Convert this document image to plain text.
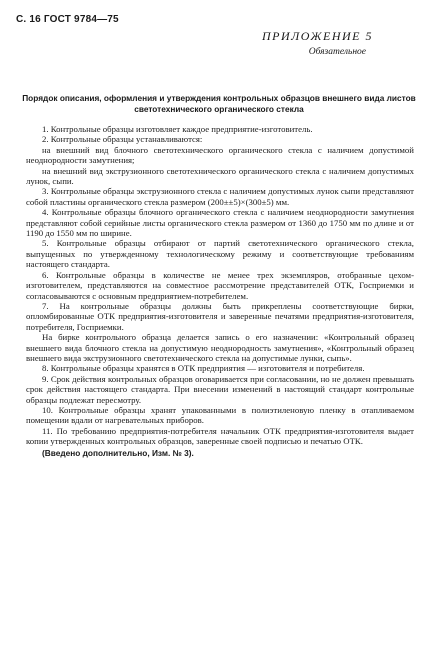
С. 16 ГОСТ 9784—75
ПРИЛОЖЕНИЕ 5
Обязательное
Порядок описания, оформления и утверждения контрольных образцов внешнего вида листов светотехнического органического стекла

1. Контрольные образцы изготовляет каждое предприятие-изготовитель.

2. Контрольные образцы устанавливаются:

на внешний вид блочного светотехнического органического стекла с наличием допустимой неоднородности замутнения;

на внешний вид экструзионного светотехнического органического стекла с наличием допустимых лунок, сыпи.

3. Контрольные образцы экструзионного стекла с наличием допустимых лунок сыпи представляют собой пластины органического стекла размером (200±±5)×(300±5) мм.

4. Контрольные образцы блочного органического стекла с наличием неоднородности замутнения представляют собой серийные листы органического стекла размером от 1360 до 1750 мм по длине и от 1190 до 1550 мм по ширине.

5. Контрольные образцы отбирают от партий светотехнического органического стекла, выпущенных по утвержденному технологическому режиму и соответствующие требованиям настоящего стандарта.

6. Контрольные образцы в количестве не менее трех экземпляров, отобранные цехом-изготовителем, представляются на совместное рассмотрение представителей ОТК, Госприемки и согласовываются с основным предприятием-потребителем.

7. На контрольные образцы должны быть прикреплены соответствующие бирки, опломбированные ОТК предприятия-изготовителя и заверенные печатями предприятия-изготовителя, потребителя, Госприемки.

На бирке контрольного образца делается запись о его назначении: «Контрольный образец внешнего вида блочного стекла на допустимую неоднородность замутнения», «Контрольный образец внешнего вида экструзионного светотехнического стекла на допустимые лунки, сыпь».

8. Контрольные образцы хранятся в ОТК предприятия — изготовителя и потребителя.

9. Срок действия контрольных образцов оговаривается при согласовании, но не должен превышать срок действия настоящего стандарта. При внесении изменений в настоящий стандарт контрольные образцы подлежат пересмотру.

10. Контрольные образцы хранят упакованными в полиэтиленовую пленку в отапливаемом помещении вдали от нагревательных приборов.

11. По требованию предприятия-потребителя начальник ОТК предприятия-изготовителя выдает копии утвержденных контрольных образцов, заверенные своей подписью и печатью ОТК.

(Введено дополнительно, Изм. № 3).
